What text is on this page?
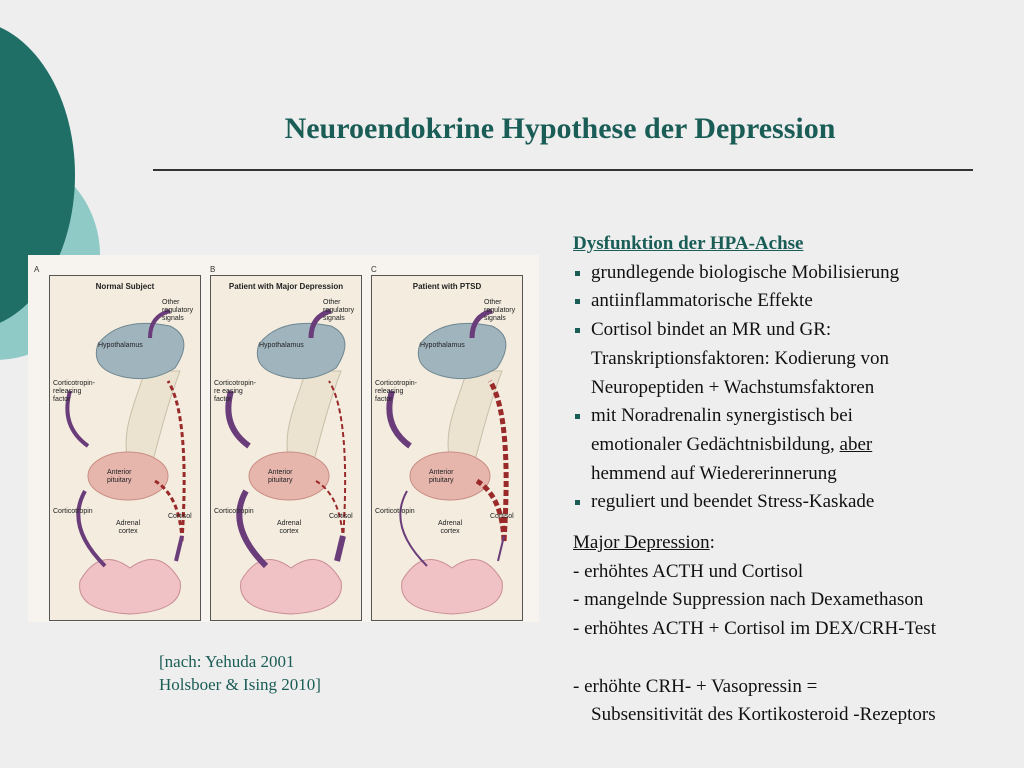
Neuroendokrine Hypothese der Depression
A
Normal Subject
Other
regulatory
signals
Hypothalamus
Corticotropin-
releasing
factor
Anterior
pituitary
Corticotropin
Adrenal
cortex
Cortisol
B
Patient with Major Depression
Other
regulatory
signals
Hypothalamus
Corticotropin-
re easing
factor
Anterior
pituitary
Corticotropin
Adrenal
cortex
Cortisol
C
Patient with PTSD
Other
regulatory
signals
Hypothalamus
Corticotropin-
releasing
factor
Anterior
pituitary
Corticotropin
Adrenal
cortex
Cortisol
Dysfunktion der HPA-Achse
grundlegende biologische Mobilisierung
antiinflammatorische Effekte
Cortisol bindet an MR und GR:
Transkriptionsfaktoren: Kodierung von
Neuropeptiden + Wachstumsfaktoren
mit Noradrenalin synergistisch bei
emotionaler Gedächtnisbildung, aber
hemmend auf Wiedererinnerung
reguliert und beendet Stress-Kaskade
Major Depression:
- erhöhtes ACTH und Cortisol
- mangelnde Suppression nach Dexamethason
- erhöhtes ACTH + Cortisol im DEX/CRH-Test
- erhöhte CRH- + Vasopressin =
Subsensitivität des Kortikosteroid -Rezeptors
[nach: Yehuda 2001
Holsboer & Ising 2010]
